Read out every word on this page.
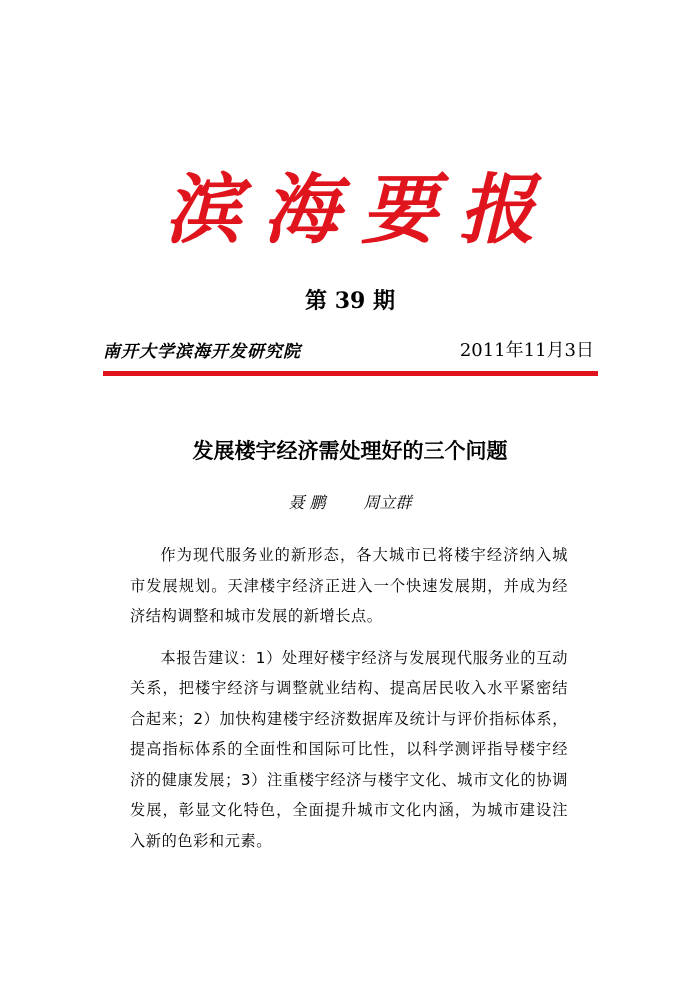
滨海要报
第 39 期
南开大学滨海开发研究院	2011年11月3日
发展楼宇经济需处理好的三个问题
聂 鹏 周立群

作为现代服务业的新形态，各大城市已将楼宇经济纳入城市发展规划。天津楼宇经济正进入一个快速发展期，并成为经济结构调整和城市发展的新增长点。

本报告建议：1）处理好楼宇经济与发展现代服务业的互动关系，把楼宇经济与调整就业结构、提高居民收入水平紧密结合起来；2）加快构建楼宇经济数据库及统计与评价指标体系，提高指标体系的全面性和国际可比性，以科学测评指导楼宇经济的健康发展；3）注重楼宇经济与楼宇文化、城市文化的协调发展，彰显文化特色，全面提升城市文化内涵，为城市建设注入新的色彩和元素。
